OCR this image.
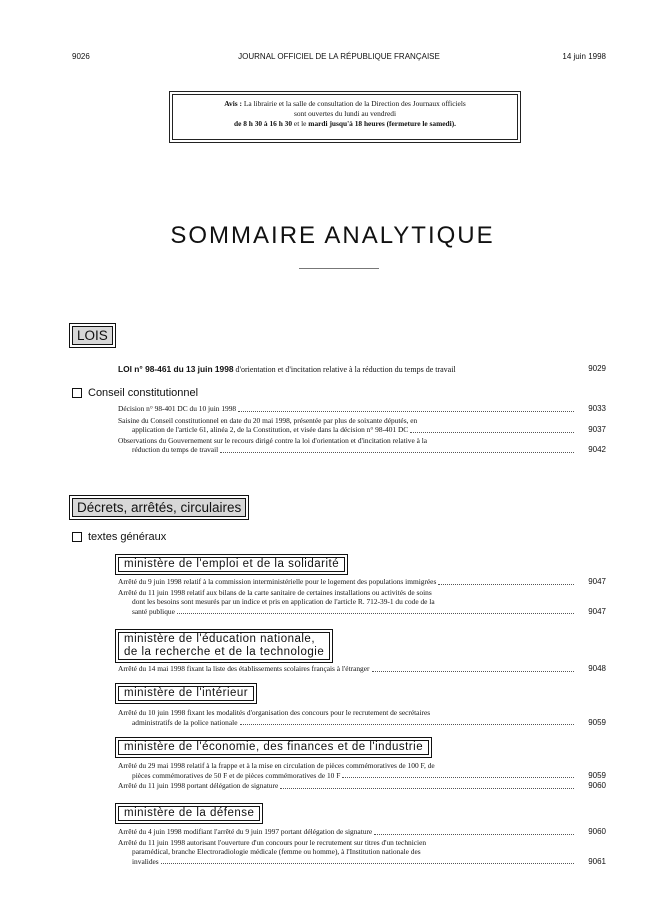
9026	JOURNAL OFFICIEL DE LA RÉPUBLIQUE FRANÇAISE	14 juin 1998
Avis : La librairie et la salle de consultation de la Direction des Journaux officiels
sont ouvertes du lundi au vendredi
de 8 h 30 à 16 h 30 et le mardi jusqu'à 18 heures (fermeture le samedi).
SOMMAIRE ANALYTIQUE
LOIS
LOI n° 98-461 du 13 juin 1998 d'orientation et d'incitation relative à la réduction du temps de travail	9029
Conseil constitutionnel
Décision n° 98-401 DC du 10 juin 1998	9033
Saisine du Conseil constitutionnel en date du 20 mai 1998, présentée par plus de soixante députés, en
application de l'article 61, alinéa 2, de la Constitution, et visée dans la décision n° 98-401 DC	9037
Observations du Gouvernement sur le recours dirigé contre la loi d'orientation et d'incitation relative à la
réduction du temps de travail	9042
Décrets, arrêtés, circulaires
textes généraux
ministère de l'emploi et de la solidarité
Arrêté du 9 juin 1998 relatif à la commission interministérielle pour le logement des populations immigrées	9047
Arrêté du 11 juin 1998 relatif aux bilans de la carte sanitaire de certaines installations ou activités de soins
dont les besoins sont mesurés par un indice et pris en application de l'article R. 712-39-1 du code de la
santé publique	9047
ministère de l'éducation nationale,
de la recherche et de la technologie
Arrêté du 14 mai 1998 fixant la liste des établissements scolaires français à l'étranger	9048
ministère de l'intérieur
Arrêté du 10 juin 1998 fixant les modalités d'organisation des concours pour le recrutement de secrétaires
administratifs de la police nationale	9059
ministère de l'économie, des finances et de l'industrie
Arrêté du 29 mai 1998 relatif à la frappe et à la mise en circulation de pièces commémoratives de 100 F, de
pièces commémoratives de 50 F et de pièces commémoratives de 10 F	9059
Arrêté du 11 juin 1998 portant délégation de signature	9060
ministère de la défense
Arrêté du 4 juin 1998 modifiant l'arrêté du 9 juin 1997 portant délégation de signature	9060
Arrêté du 11 juin 1998 autorisant l'ouverture d'un concours pour le recrutement sur titres d'un technicien
paramédical, branche Electroradiologie médicale (femme ou homme), à l'Institution nationale des
invalides	9061
